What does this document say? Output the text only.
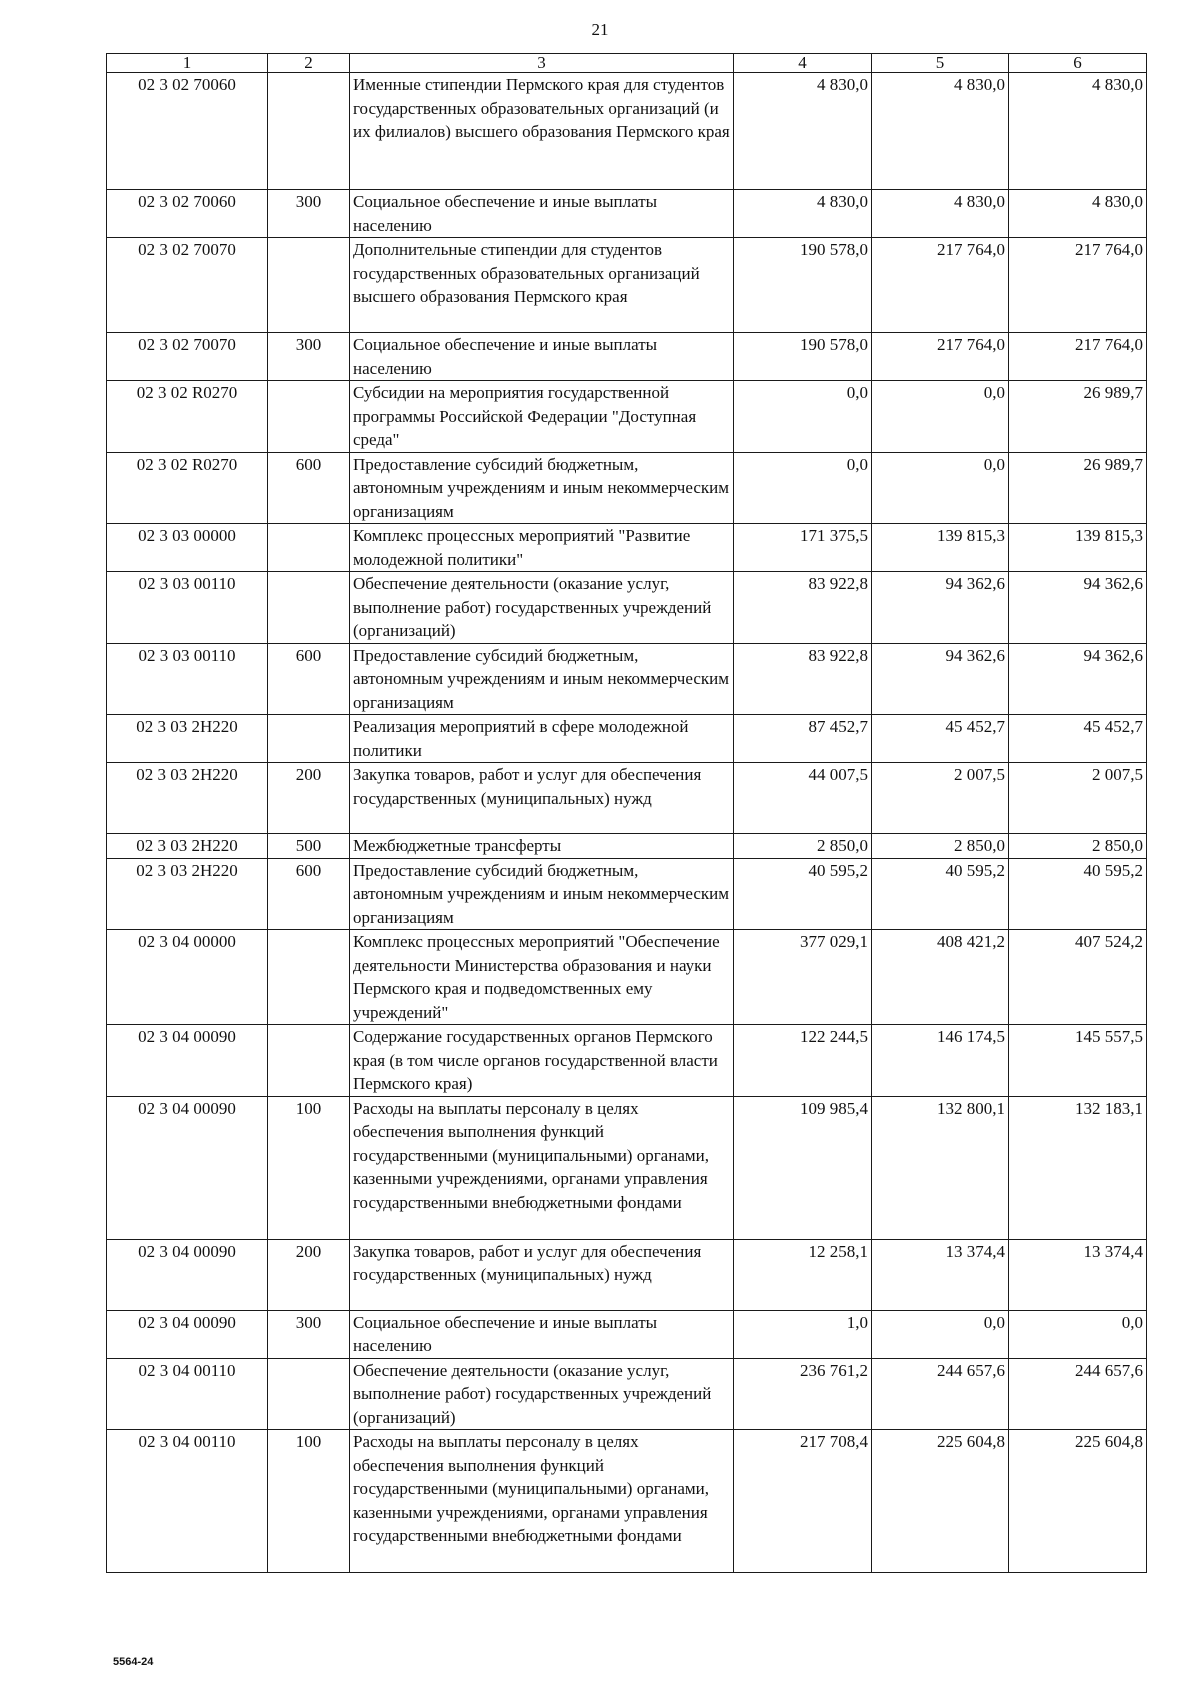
21
1	2	3	4	5	6
02 3 02 70060		Именные стипендии Пермского края для студентов государственных образовательных организаций (и их филиалов) высшего образования Пермского края	4 830,0	4 830,0	4 830,0
02 3 02 70060	300	Социальное обеспечение и иные выплаты населению	4 830,0	4 830,0	4 830,0
02 3 02 70070		Дополнительные стипендии для студентов государственных образовательных организаций высшего образования Пермского края	190 578,0	217 764,0	217 764,0
02 3 02 70070	300	Социальное обеспечение и иные выплаты населению	190 578,0	217 764,0	217 764,0
02 3 02 R0270		Субсидии на мероприятия государственной программы Российской Федерации "Доступная среда"	0,0	0,0	26 989,7
02 3 02 R0270	600	Предоставление субсидий бюджетным, автономным учреждениям и иным некоммерческим организациям	0,0	0,0	26 989,7
02 3 03 00000		Комплекс процессных мероприятий "Развитие молодежной политики"	171 375,5	139 815,3	139 815,3
02 3 03 00110		Обеспечение деятельности (оказание услуг, выполнение работ) государственных учреждений (организаций)	83 922,8	94 362,6	94 362,6
02 3 03 00110	600	Предоставление субсидий бюджетным, автономным учреждениям и иным некоммерческим организациям	83 922,8	94 362,6	94 362,6
02 3 03 2H220		Реализация мероприятий в сфере молодежной политики	87 452,7	45 452,7	45 452,7
02 3 03 2H220	200	Закупка товаров, работ и услуг для обеспечения государственных (муниципальных) нужд	44 007,5	2 007,5	2 007,5
02 3 03 2H220	500	Межбюджетные трансферты	2 850,0	2 850,0	2 850,0
02 3 03 2H220	600	Предоставление субсидий бюджетным, автономным учреждениям и иным некоммерческим организациям	40 595,2	40 595,2	40 595,2
02 3 04 00000		Комплекс процессных мероприятий "Обеспечение деятельности Министерства образования и науки Пермского края и подведомственных ему учреждений"	377 029,1	408 421,2	407 524,2
02 3 04 00090		Содержание государственных органов Пермского края (в том числе органов государственной власти Пермского края)	122 244,5	146 174,5	145 557,5
02 3 04 00090	100	Расходы на выплаты персоналу в целях обеспечения выполнения функций государственными (муниципальными) органами, казенными учреждениями, органами управления государственными внебюджетными фондами	109 985,4	132 800,1	132 183,1
02 3 04 00090	200	Закупка товаров, работ и услуг для обеспечения государственных (муниципальных) нужд	12 258,1	13 374,4	13 374,4
02 3 04 00090	300	Социальное обеспечение и иные выплаты населению	1,0	0,0	0,0
02 3 04 00110		Обеспечение деятельности (оказание услуг, выполнение работ) государственных учреждений (организаций)	236 761,2	244 657,6	244 657,6
02 3 04 00110	100	Расходы на выплаты персоналу в целях обеспечения выполнения функций государственными (муниципальными) органами, казенными учреждениями, органами управления государственными внебюджетными фондами	217 708,4	225 604,8	225 604,8
5564-24
